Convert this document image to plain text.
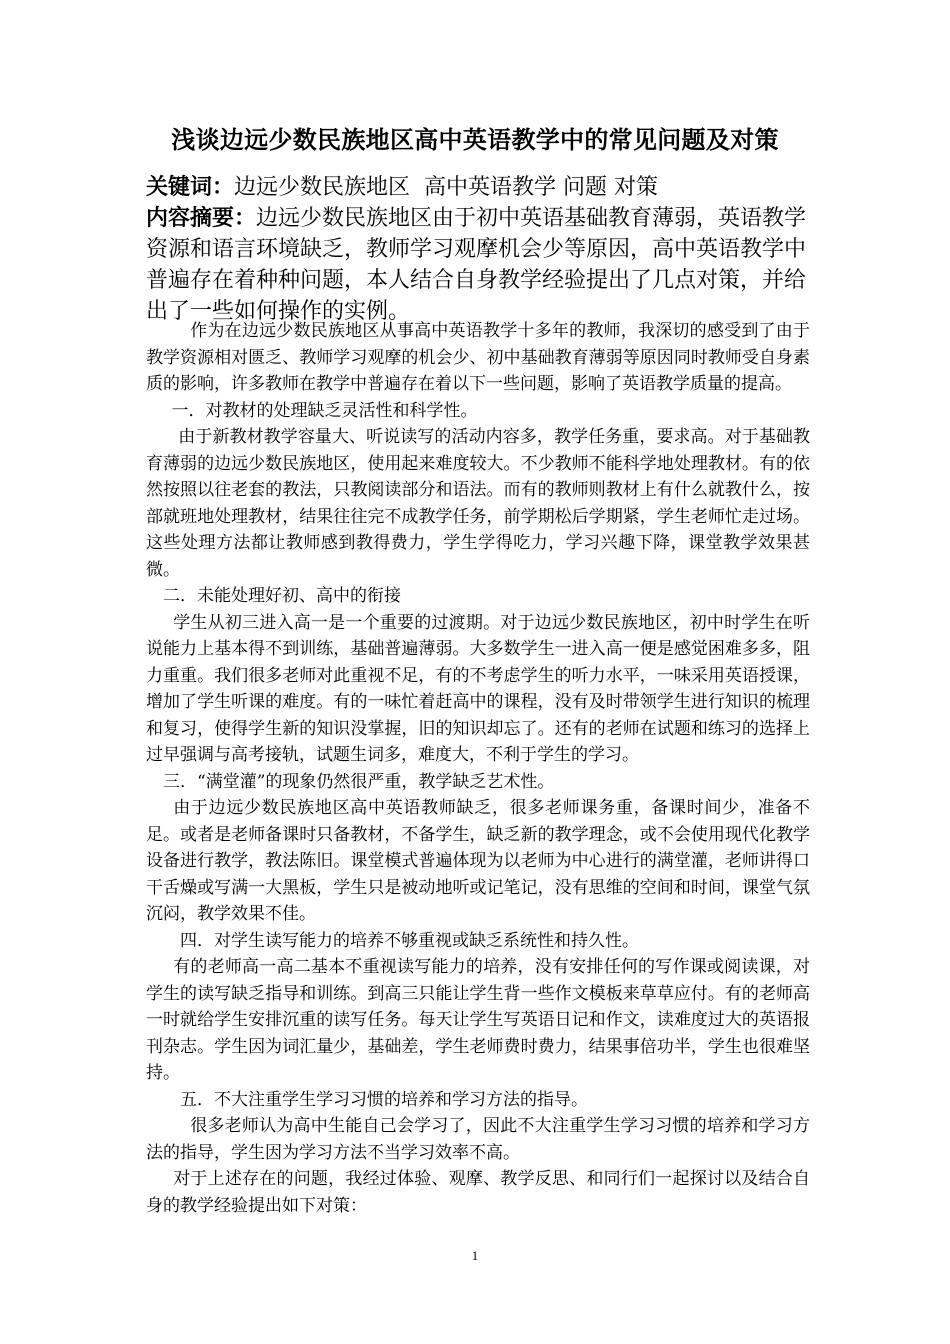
浅谈边远少数民族地区高中英语教学中的常见问题及对策
关键词：边远少数民族地区  高中英语教学 问题 对策
内容摘要：边远少数民族地区由于初中英语基础教育薄弱，英语教学资源和语言环境缺乏，教师学习观摩机会少等原因，高中英语教学中普遍存在着种种问题，本人结合自身教学经验提出了几点对策，并给出了一些如何操作的实例。

作为在边远少数民族地区从事高中英语教学十多年的教师，我深切的感受到了由于教学资源相对匮乏、教师学习观摩的机会少、初中基础教育薄弱等原因同时教师受自身素质的影响，许多教师在教学中普遍存在着以下一些问题，影响了英语教学质量的提高。

一．对教材的处理缺乏灵活性和科学性。

由于新教材教学容量大、听说读写的活动内容多，教学任务重，要求高。对于基础教育薄弱的边远少数民族地区，使用起来难度较大。不少教师不能科学地处理教材。有的依然按照以往老套的教法，只教阅读部分和语法。而有的教师则教材上有什么就教什么，按部就班地处理教材，结果往往完不成教学任务，前学期松后学期紧，学生老师忙走过场。这些处理方法都让教师感到教得费力，学生学得吃力，学习兴趣下降，课堂教学效果甚微。

二．未能处理好初、高中的衔接

学生从初三进入高一是一个重要的过渡期。对于边远少数民族地区，初中时学生在听说能力上基本得不到训练，基础普遍薄弱。大多数学生一进入高一便是感觉困难多多，阻力重重。我们很多老师对此重视不足，有的不考虑学生的听力水平，一味采用英语授课，增加了学生听课的难度。有的一味忙着赶高中的课程，没有及时带领学生进行知识的梳理和复习，使得学生新的知识没掌握，旧的知识却忘了。还有的老师在试题和练习的选择上过早强调与高考接轨，试题生词多，难度大，不利于学生的学习。

三．“满堂灌”的现象仍然很严重，教学缺乏艺术性。

由于边远少数民族地区高中英语教师缺乏，很多老师课务重，备课时间少，准备不足。或者是老师备课时只备教材，不备学生，缺乏新的教学理念，或不会使用现代化教学设备进行教学，教法陈旧。课堂模式普遍体现为以老师为中心进行的满堂灌，老师讲得口干舌燥或写满一大黑板，学生只是被动地听或记笔记，没有思维的空间和时间，课堂气氛沉闷，教学效果不佳。

四．对学生读写能力的培养不够重视或缺乏系统性和持久性。

有的老师高一高二基本不重视读写能力的培养，没有安排任何的写作课或阅读课，对学生的读写缺乏指导和训练。到高三只能让学生背一些作文模板来草草应付。有的老师高一时就给学生安排沉重的读写任务。每天让学生写英语日记和作文，读难度过大的英语报刊杂志。学生因为词汇量少，基础差，学生老师费时费力，结果事倍功半，学生也很难坚持。

五．不大注重学生学习习惯的培养和学习方法的指导。

很多老师认为高中生能自己会学习了，因此不大注重学生学习习惯的培养和学习方法的指导，学生因为学习方法不当学习效率不高。

对于上述存在的问题，我经过体验、观摩、教学反思、和同行们一起探讨以及结合自身的教学经验提出如下对策：

1
